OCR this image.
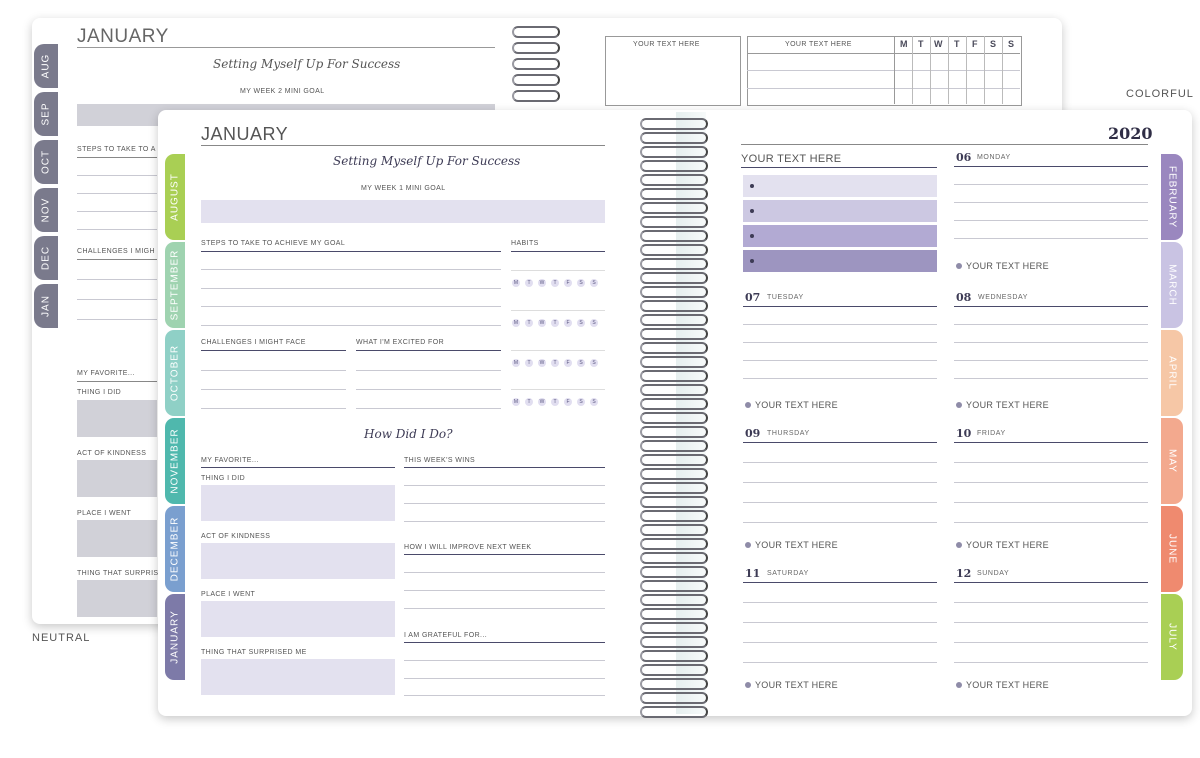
COLORFUL
NEUTRAL
AUG
SEP
OCT
NOV
DEC
JAN
JANUARY
Setting Myself Up For Success
MY WEEK 2 MINI GOAL
STEPS TO TAKE TO A
CHALLENGES I MIGH
MY FAVORITE...
THING I DID
ACT OF KINDNESS
PLACE I WENT
THING THAT SURPRIS
YOUR TEXT HERE	YOUR TEXT HERE	M T W T F S S
AUGUST
SEPTEMBER
OCTOBER
NOVEMBER
DECEMBER
JANUARY
JANUARY
Setting Myself Up For Success
MY WEEK 1 MINI GOAL
STEPS TO TAKE TO ACHIEVE MY GOAL	HABITS
M T W T F S S
M T W T F S S
M T W T F S S
M T W T F S S
CHALLENGES I MIGHT FACE	WHAT I'M EXCITED FOR
How Did I Do?
MY FAVORITE...
THING I DID
ACT OF KINDNESS
PLACE I WENT
THING THAT SURPRISED ME
THIS WEEK'S WINS
HOW I WILL IMPROVE NEXT WEEK
I AM GRATEFUL FOR...
2020
YOUR TEXT HERE	06 MONDAY
YOUR TEXT HERE
07 TUESDAY
YOUR TEXT HERE
08 WEDNESDAY
YOUR TEXT HERE
09 THURSDAY
YOUR TEXT HERE
10 FRIDAY
YOUR TEXT HERE
11 SATURDAY
YOUR TEXT HERE
12 SUNDAY
YOUR TEXT HERE
FEBRUARY
MARCH
APRIL
MAY
JUNE
JULY
